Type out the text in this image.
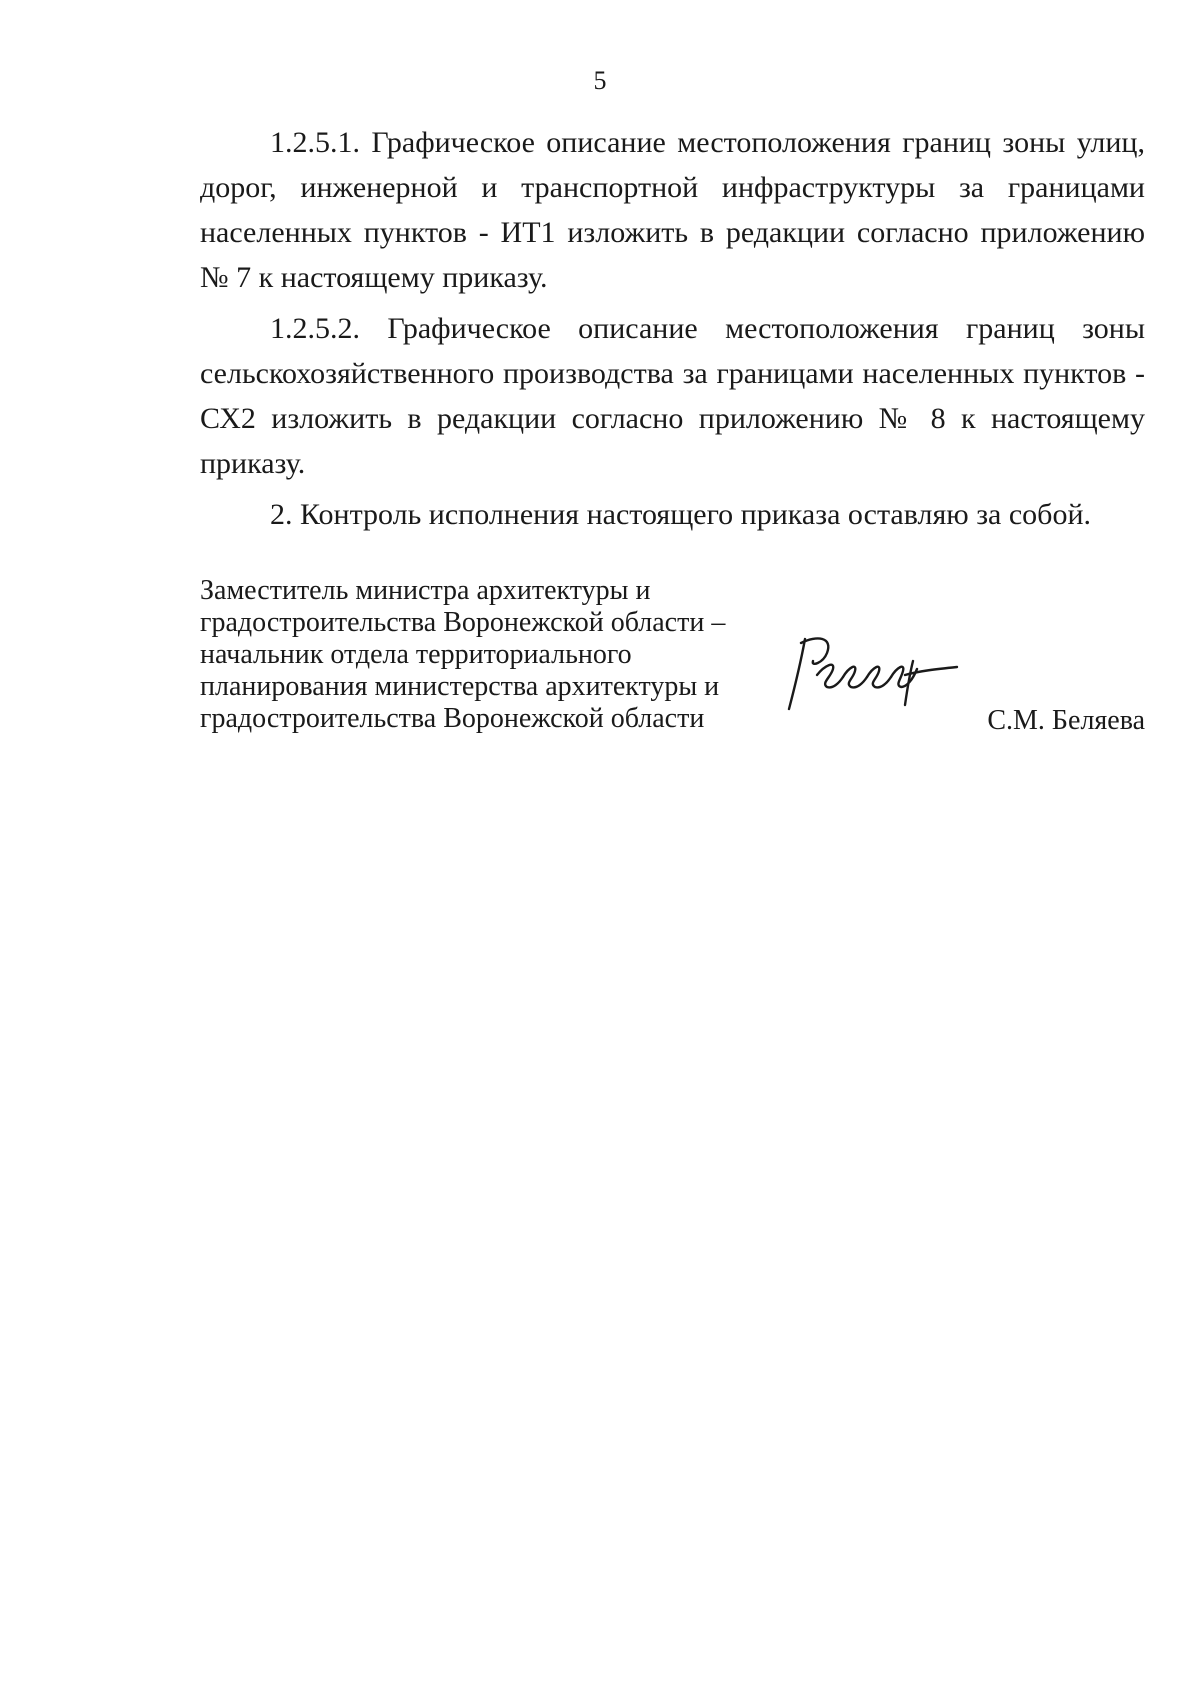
5

1.2.5.1. Графическое описание местоположения границ зоны улиц, дорог, инженерной и транспортной инфраструктуры за границами населенных пунктов - ИТ1 изложить в редакции согласно приложению № 7 к настоящему приказу.

1.2.5.2. Графическое описание местоположения границ зоны сельскохозяйственного производства за границами населенных пунктов - СХ2 изложить в редакции согласно приложению № 8 к настоящему приказу.

2. Контроль исполнения настоящего приказа оставляю за собой.

Заместитель министра архитектуры и
градостроительства Воронежской области –
начальник отдела территориального
планирования министерства архитектуры и
градостроительства Воронежской области	С.М. Беляева
